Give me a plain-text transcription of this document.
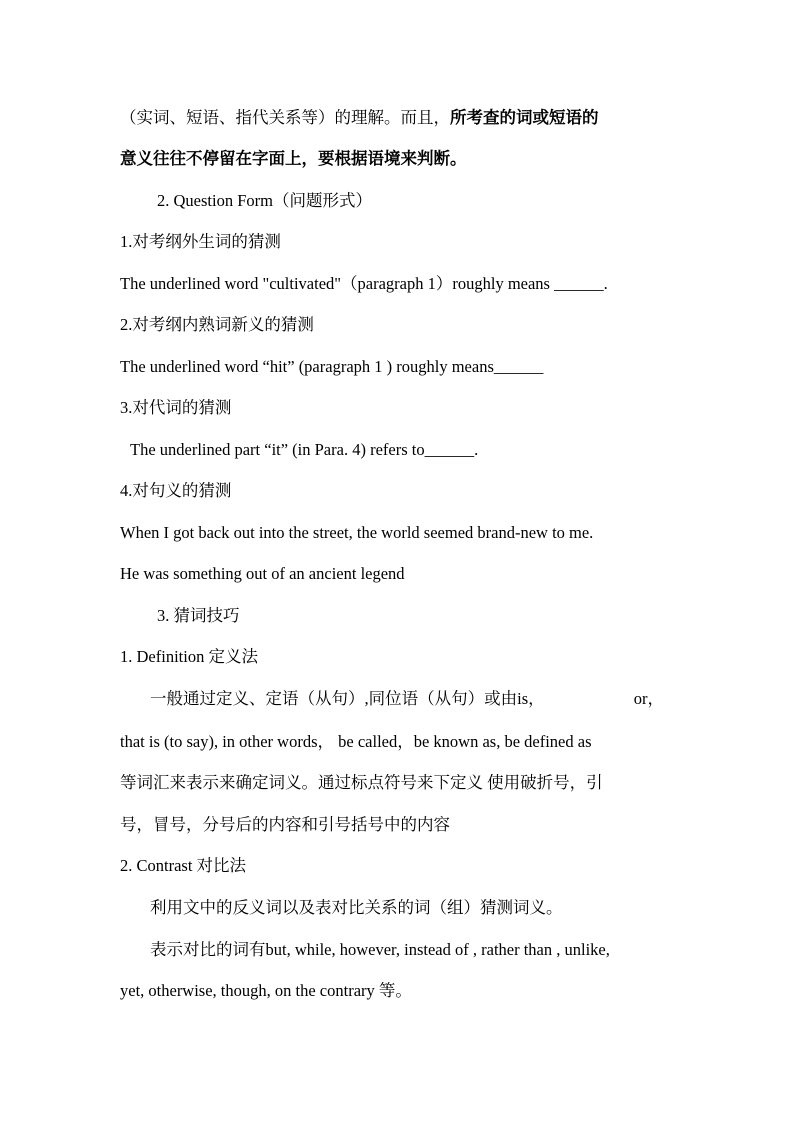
（实词、短语、指代关系等）的理解。而且，所考查的词或短语的
意义往往不停留在字面上，要根据语境来判断。
2. Question Form（问题形式）
1.对考纲外生词的猜测
The underlined word "cultivated"（paragraph 1）roughly means ______.
2.对考纲内熟词新义的猜测
The underlined word “hit” (paragraph 1 ) roughly means______
3.对代词的猜测
The underlined part “it” (in Para. 4) refers to______.
4.对句义的猜测
When I got back out into the street, the world seemed brand-new to me.
He was something out of an ancient legend
3. 猜词技巧
1. Definition 定义法
一般通过定义、定语（从句）,同位语（从句）或由is，	or，
that is (to say), in other words， be called，be known as, be defined as
等词汇来表示来确定词义。通过标点符号来下定义 使用破折号，引
号，冒号，分号后的内容和引号括号中的内容
2. Contrast 对比法
利用文中的反义词以及表对比关系的词（组）猜测词义。
表示对比的词有but, while, however, instead of , rather than , unlike,
yet, otherwise, though, on the contrary 等。
